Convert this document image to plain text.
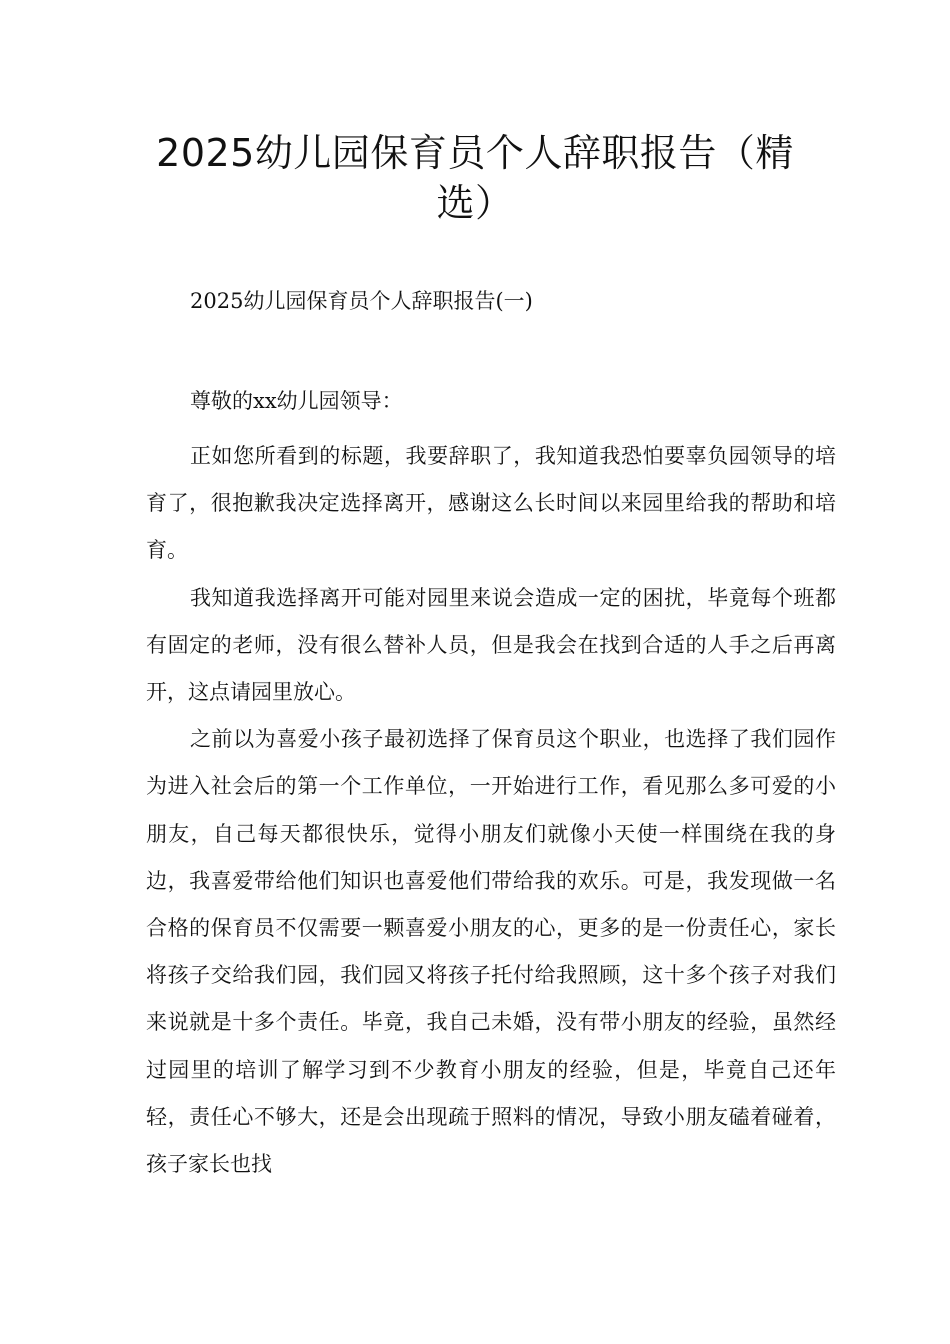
2025幼儿园保育员个人辞职报告（精选）

2025幼儿园保育员个人辞职报告(一)

尊敬的xx幼儿园领导：

正如您所看到的标题，我要辞职了，我知道我恐怕要辜负园领导的培育了，很抱歉我决定选择离开，感谢这么长时间以来园里给我的帮助和培育。

我知道我选择离开可能对园里来说会造成一定的困扰，毕竟每个班都有固定的老师，没有很么替补人员，但是我会在找到合适的人手之后再离开，这点请园里放心。

之前以为喜爱小孩子最初选择了保育员这个职业，也选择了我们园作为进入社会后的第一个工作单位，一开始进行工作，看见那么多可爱的小朋友，自己每天都很快乐，觉得小朋友们就像小天使一样围绕在我的身边，我喜爱带给他们知识也喜爱他们带给我的欢乐。可是，我发现做一名合格的保育员不仅需要一颗喜爱小朋友的心，更多的是一份责任心，家长将孩子交给我们园，我们园又将孩子托付给我照顾，这十多个孩子对我们来说就是十多个责任。毕竟，我自己未婚，没有带小朋友的经验，虽然经过园里的培训了解学习到不少教育小朋友的经验，但是，毕竟自己还年轻，责任心不够大，还是会出现疏于照料的情况，导致小朋友磕着碰着，孩子家长也找
